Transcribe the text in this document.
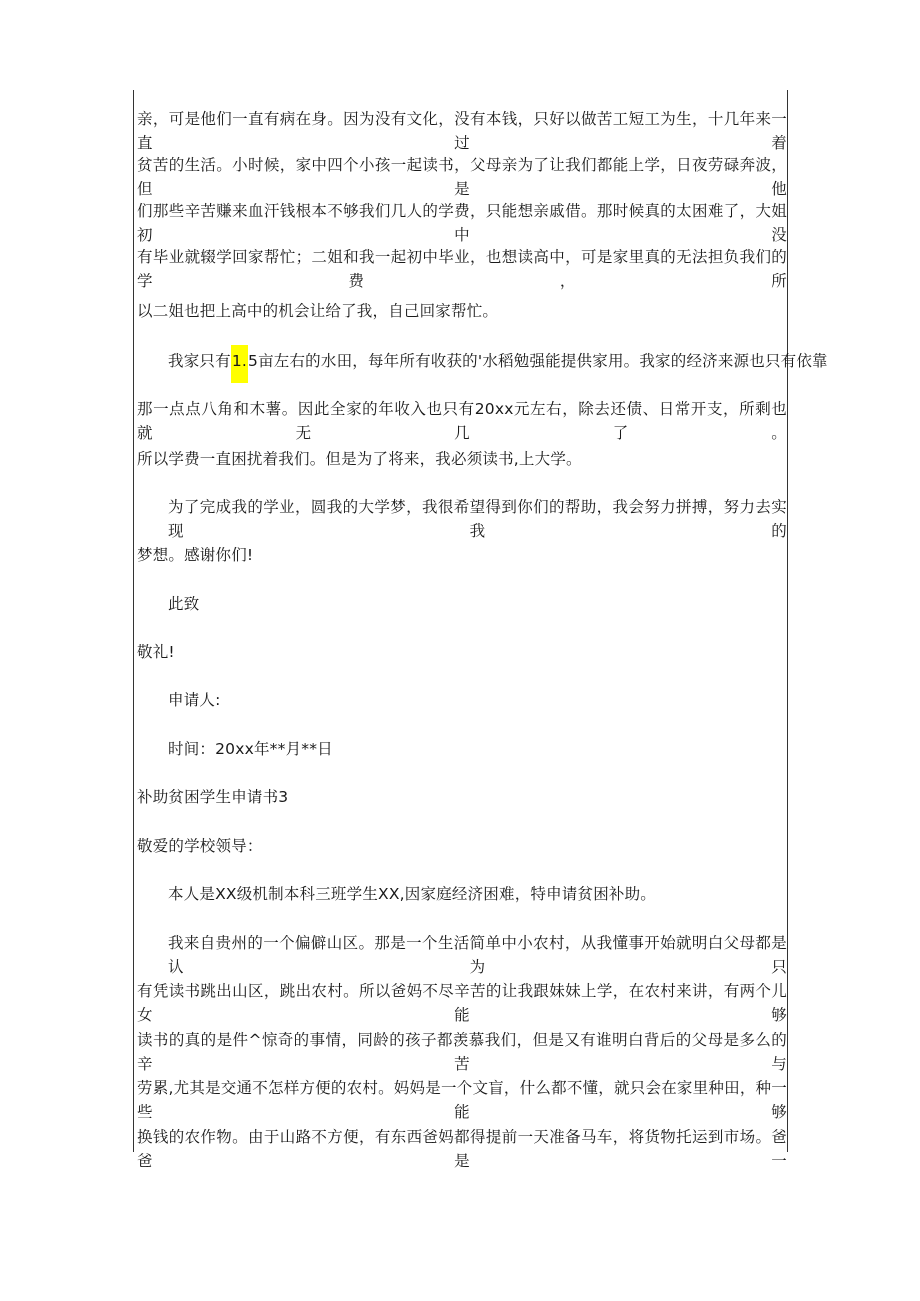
亲，可是他们一直有病在身。因为没有文化，没有本钱，只好以做苦工短工为生，十几年来一直过着
贫苦的生活。小时候，家中四个小孩一起读书，父母亲为了让我们都能上学，日夜劳碌奔波，但是他
们那些辛苦赚来血汗钱根本不够我们几人的学费，只能想亲戚借。那时候真的太困难了，大姐初中没
有毕业就辍学回家帮忙；二姐和我一起初中毕业，也想读高中，可是家里真的无法担负我们的学费，所
以二姐也把上高中的机会让给了我，自己回家帮忙。
我家只有1.5亩左右的水田，每年所有收获的'水稻勉强能提供家用。我家的经济来源也只有依靠
那一点点八角和木薯。因此全家的年收入也只有20xx元左右，除去还债、日常开支，所剩也就无几了。
所以学费一直困扰着我们。但是为了将来，我必须读书,上大学。
为了完成我的学业，圆我的大学梦，我很希望得到你们的帮助，我会努力拼搏，努力去实现我的
梦想。感谢你们!
此致
敬礼!
申请人:
时间：20xx年**月**日
补助贫困学生申请书3
敬爱的学校领导：
本人是XX级机制本科三班学生XX,因家庭经济困难，特申请贫困补助。
我来自贵州的一个偏僻山区。那是一个生活简单中小农村，从我懂事开始就明白父母都是认为只
有凭读书跳出山区，跳出农村。所以爸妈不尽辛苦的让我跟妹妹上学，在农村来讲，有两个儿女能够
读书的真的是件^惊奇的事情，同龄的孩子都羡慕我们，但是又有谁明白背后的父母是多么的辛苦与
劳累,尤其是交通不怎样方便的农村。妈妈是一个文盲，什么都不懂，就只会在家里种田，种一些能够
换钱的农作物。由于山路不方便，有东西爸妈都得提前一天准备马车，将货物托运到市场。爸爸是一
